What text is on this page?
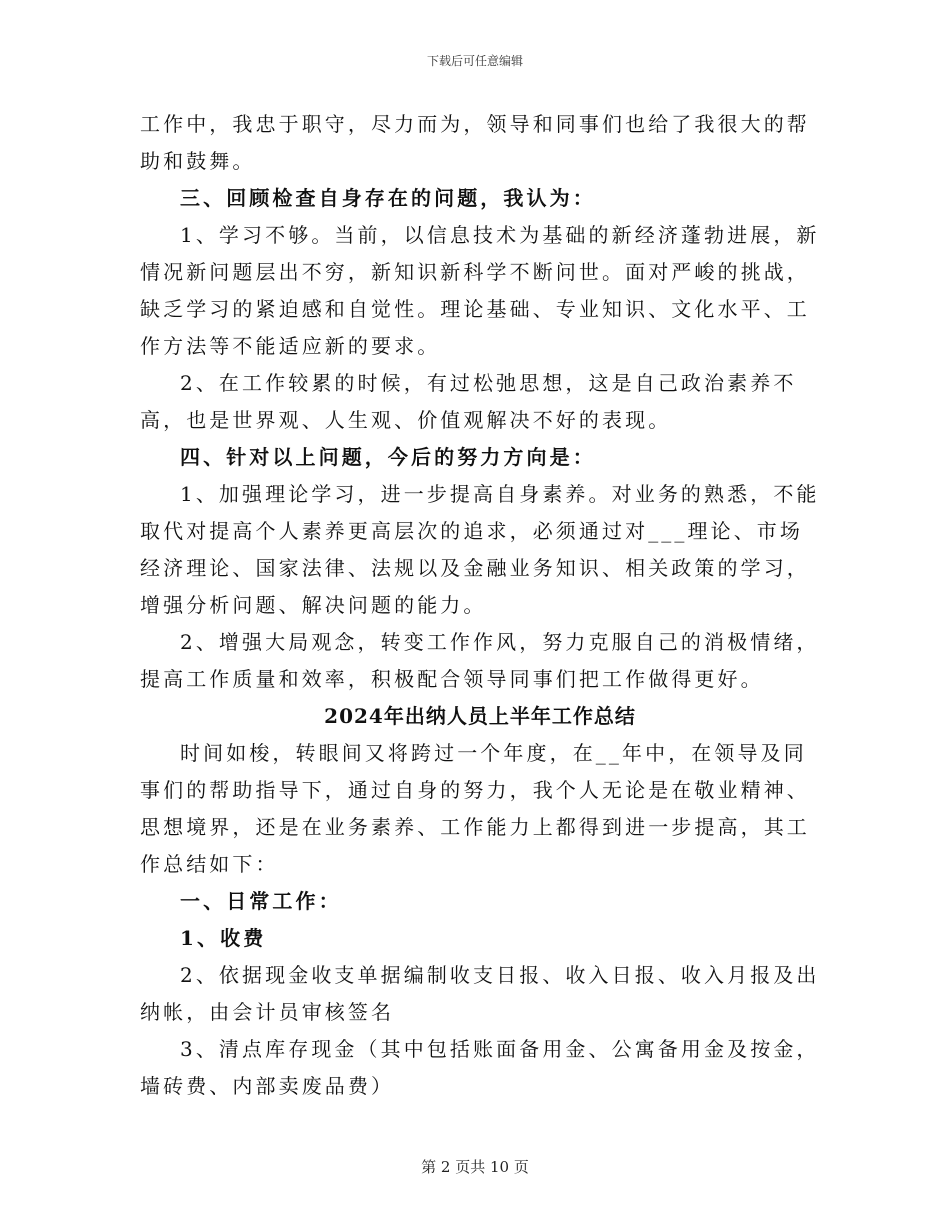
下载后可任意编辑

工作中，我忠于职守，尽力而为，领导和同事们也给了我很大的帮助和鼓舞。

三、回顾检查自身存在的问题，我认为：

1、学习不够。当前，以信息技术为基础的新经济蓬勃进展，新情况新问题层出不穷，新知识新科学不断问世。面对严峻的挑战，缺乏学习的紧迫感和自觉性。理论基础、专业知识、文化水平、工作方法等不能适应新的要求。

2、在工作较累的时候，有过松弛思想，这是自己政治素养不高，也是世界观、人生观、价值观解决不好的表现。

四、针对以上问题，今后的努力方向是：

1、加强理论学习，进一步提高自身素养。对业务的熟悉，不能取代对提高个人素养更高层次的追求，必须通过对___理论、市场经济理论、国家法律、法规以及金融业务知识、相关政策的学习，增强分析问题、解决问题的能力。

2、增强大局观念，转变工作作风，努力克服自己的消极情绪，提高工作质量和效率，积极配合领导同事们把工作做得更好。

2024年出纳人员上半年工作总结

时间如梭，转眼间又将跨过一个年度，在__年中，在领导及同事们的帮助指导下，通过自身的努力，我个人无论是在敬业精神、思想境界，还是在业务素养、工作能力上都得到进一步提高，其工作总结如下：

一、日常工作：

1、收费

2、依据现金收支单据编制收支日报、收入日报、收入月报及出纳帐，由会计员审核签名

3、清点库存现金（其中包括账面备用金、公寓备用金及按金，墙砖费、内部卖废品费）

第 2 页共 10 页
